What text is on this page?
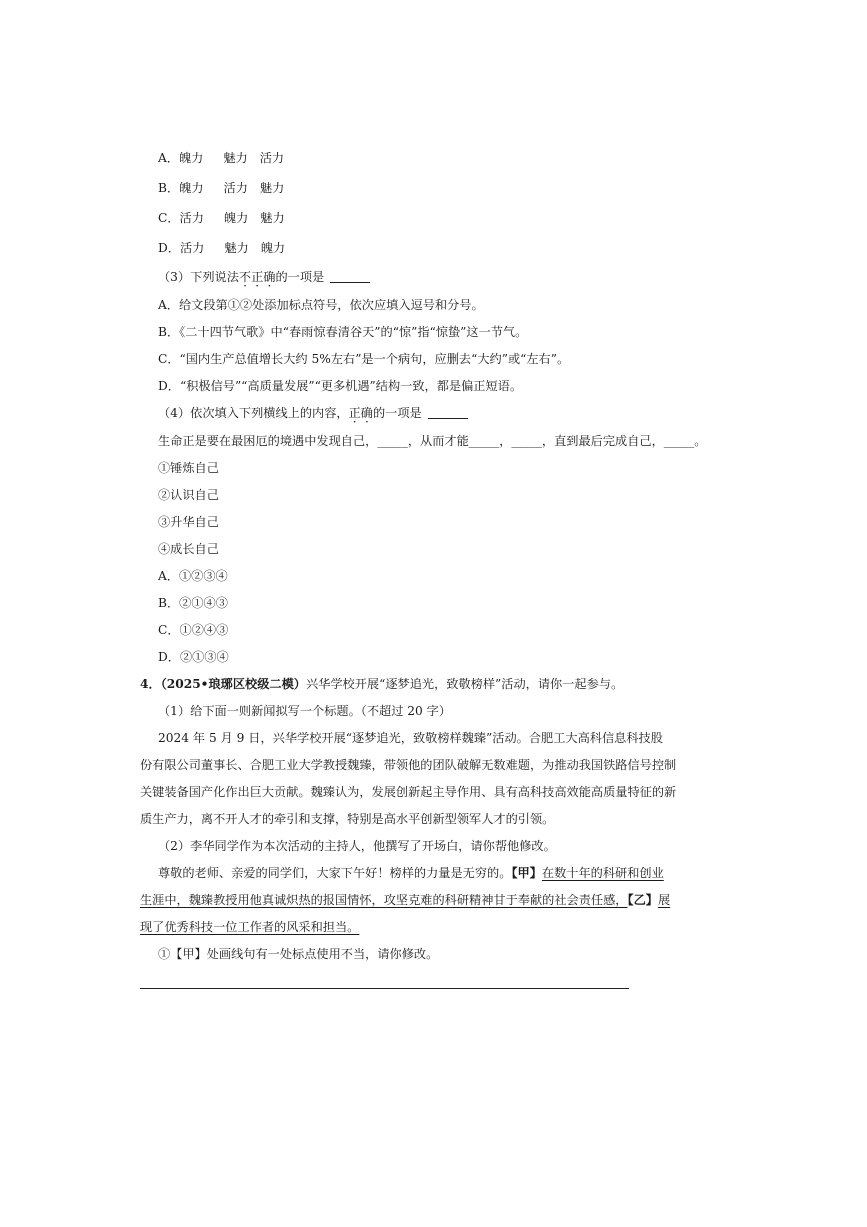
A．魄力 魅力 活力
B．魄力 活力 魅力
C．活力 魄力 魅力
D．活力 魅力 魄力
（3）下列说法不正确的一项是
A．给文段第①②处添加标点符号，依次应填入逗号和分号。
B．《二十四节气歌》中“春雨惊春清谷天”的“惊”指“惊蛰”这一节气。
C．“国内生产总值增长大约 5%左右”是一个病句，应删去“大约”或“左右”。
D．“积极信号”“高质量发展”“更多机遇”结构一致，都是偏正短语。
（4）依次填入下列横线上的内容，正确的一项是
生命正是要在最困厄的境遇中发现自己，_____，从而才能_____，_____，直到最后完成自己，_____。
①锤炼自己
②认识自己
③升华自己
④成长自己
A．①②③④
B．②①④③
C．①②④③
D．②①③④
4．（2025•琅琊区校级二模）兴华学校开展“逐梦追光，致敬榜样”活动，请你一起参与。
（1）给下面一则新闻拟写一个标题。（不超过 20 字）
2024 年 5 月 9 日，兴华学校开展“逐梦追光，致敬榜样魏臻”活动。合肥工大高科信息科技股
份有限公司董事长、合肥工业大学教授魏臻，带领他的团队破解无数难题，为推动我国铁路信号控制
关键装备国产化作出巨大贡献。魏臻认为，发展创新起主导作用、具有高科技高效能高质量特征的新
质生产力，离不开人才的牵引和支撑，特别是高水平创新型领军人才的引领。
（2）李华同学作为本次活动的主持人，他撰写了开场白，请你帮他修改。
尊敬的老师、亲爱的同学们，大家下午好！榜样的力量是无穷的。【甲】在数十年的科研和创业
生涯中，魏臻教授用他真诚炽热的报国情怀，攻坚克难的科研精神甘于奉献的社会责任感，【乙】展
现了优秀科技一位工作者的风采和担当。
①【甲】处画线句有一处标点使用不当，请你修改。
